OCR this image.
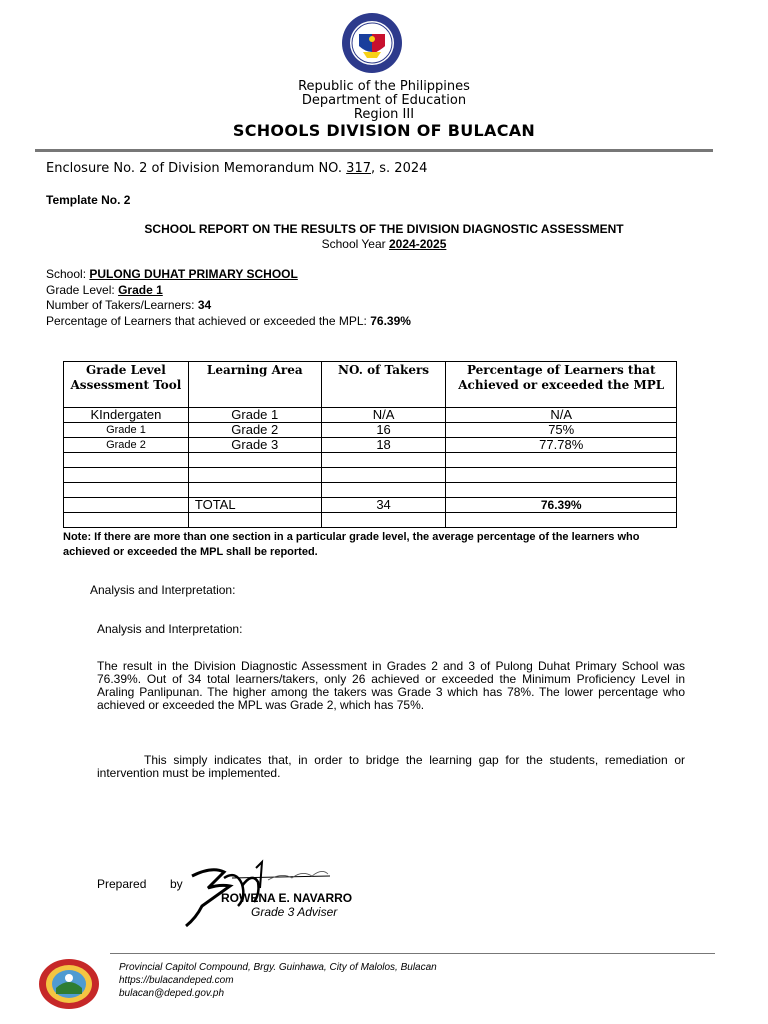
Republic of the Philippines
Department of Education
Region III
SCHOOLS DIVISION OF BULACAN
Enclosure No. 2 of Division Memorandum NO. 317, s. 2024
Template No. 2
SCHOOL REPORT ON THE RESULTS OF THE DIVISION DIAGNOSTIC ASSESSMENT
School Year 2024-2025
School: PULONG DUHAT PRIMARY SCHOOL
Grade Level: Grade 1
Number of Takers/Learners: 34
Percentage of Learners that achieved or exceeded the MPL: 76.39%
Grade Level Assessment Tool	Learning Area	NO. of Takers	Percentage of Learners that Achieved or exceeded the MPL
KIndergaten	Grade 1	N/A	N/A
Grade 1	Grade 2	16	75%
Grade 2	Grade 3	18	77.78%

	TOTAL	34	76.39%

Note: If there are more than one section in a particular grade level, the average percentage of the learners who achieved or exceeded the MPL shall be reported.
Analysis and Interpretation:
Analysis and Interpretation:
The result in the Division Diagnostic Assessment in Grades 2 and 3 of Pulong Duhat Primary School was 76.39%. Out of 34 total learners/takers, only 26 achieved or exceeded the Minimum Proficiency Level in Araling Panlipunan. The higher among the takers was Grade 3 which has 78%. The lower percentage who achieved or exceeded the MPL was Grade 2, which has 75%.
This simply indicates that, in order to bridge the learning gap for the students, remediation or intervention must be implemented.
Prepared by
ROWENA E. NAVARRO
Grade 3 Adviser
Provincial Capitol Compound, Brgy. Guinhawa, City of Malolos, Bulacan
https://bulacandeped.com
bulacan@deped.gov.ph
